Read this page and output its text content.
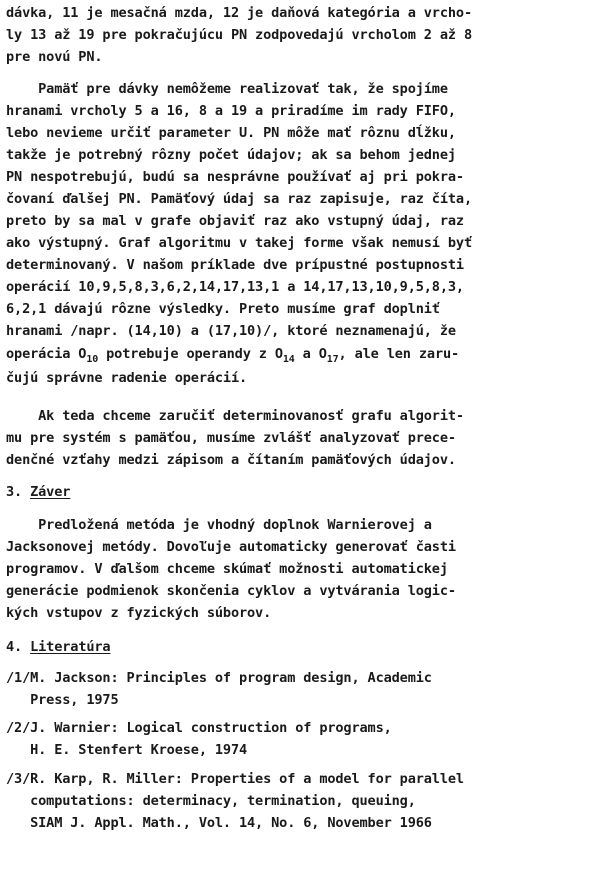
dávka, 11 je mesačná mzda, 12 je daňová kategória a vrcho-
ly 13 až 19 pre pokračujúcu PN zodpovedajú vrcholom 2 až 8
pre novú PN.
Pamäť pre dávky nemôžeme realizovať tak, že spojíme
hranami vrcholy 5 a 16, 8 a 19 a priradíme im rady FIFO,
lebo nevieme určiť parameter U. PN môže mať rôznu dĺžku,
takže je potrebný rôzny počet údajov; ak sa behom jednej
PN nespotrebujú, budú sa nesprávne používať aj pri pokra-
čovaní ďalšej PN. Pamäťový údaj sa raz zapisuje, raz číta,
preto by sa mal v grafe objaviť raz ako vstupný údaj, raz
ako výstupný. Graf algoritmu v takej forme však nemusí byť
determinovaný. V našom príklade dve prípustné postupnosti
operácií 10,9,5,8,3,6,2,14,17,13,1 a 14,17,13,10,9,5,8,3,
6,2,1 dávajú rôzne výsledky. Preto musíme graf doplniť
hranami /napr. (14,10) a (17,10)/, ktoré neznamenajú, že
operácia $O_{10}$ potrebuje operandy z $O_{14}$ a $O_{17}$, ale len zaru-
čujú správne radenie operácií.
Ak teda chceme zaručiť determinovanosť grafu algorit-
mu pre systém s pamäťou, musíme zvlášť analyzovať prece-
denčné vzťahy medzi zápisom a čítaním pamäťových údajov.
3. Záver
Predložená metóda je vhodný doplnok Warnierovej a
Jacksonovej metódy. Dovoľuje automaticky generovať časti
programov. V ďalšom chceme skúmať možnosti automatickej
generácie podmienok skončenia cyklov a vytvárania logic-
kých vstupov z fyzických súborov.
4. Literatúra
/1/M. Jackson: Principles of program design, Academic
Press, 1975
/2/J. Warnier: Logical construction of programs,
H. E. Stenfert Kroese, 1974
/3/R. Karp, R. Miller: Properties of a model for parallel
computations: determinacy, termination, queuing,
SIAM J. Appl. Math., Vol. 14, No. 6, November 1966
